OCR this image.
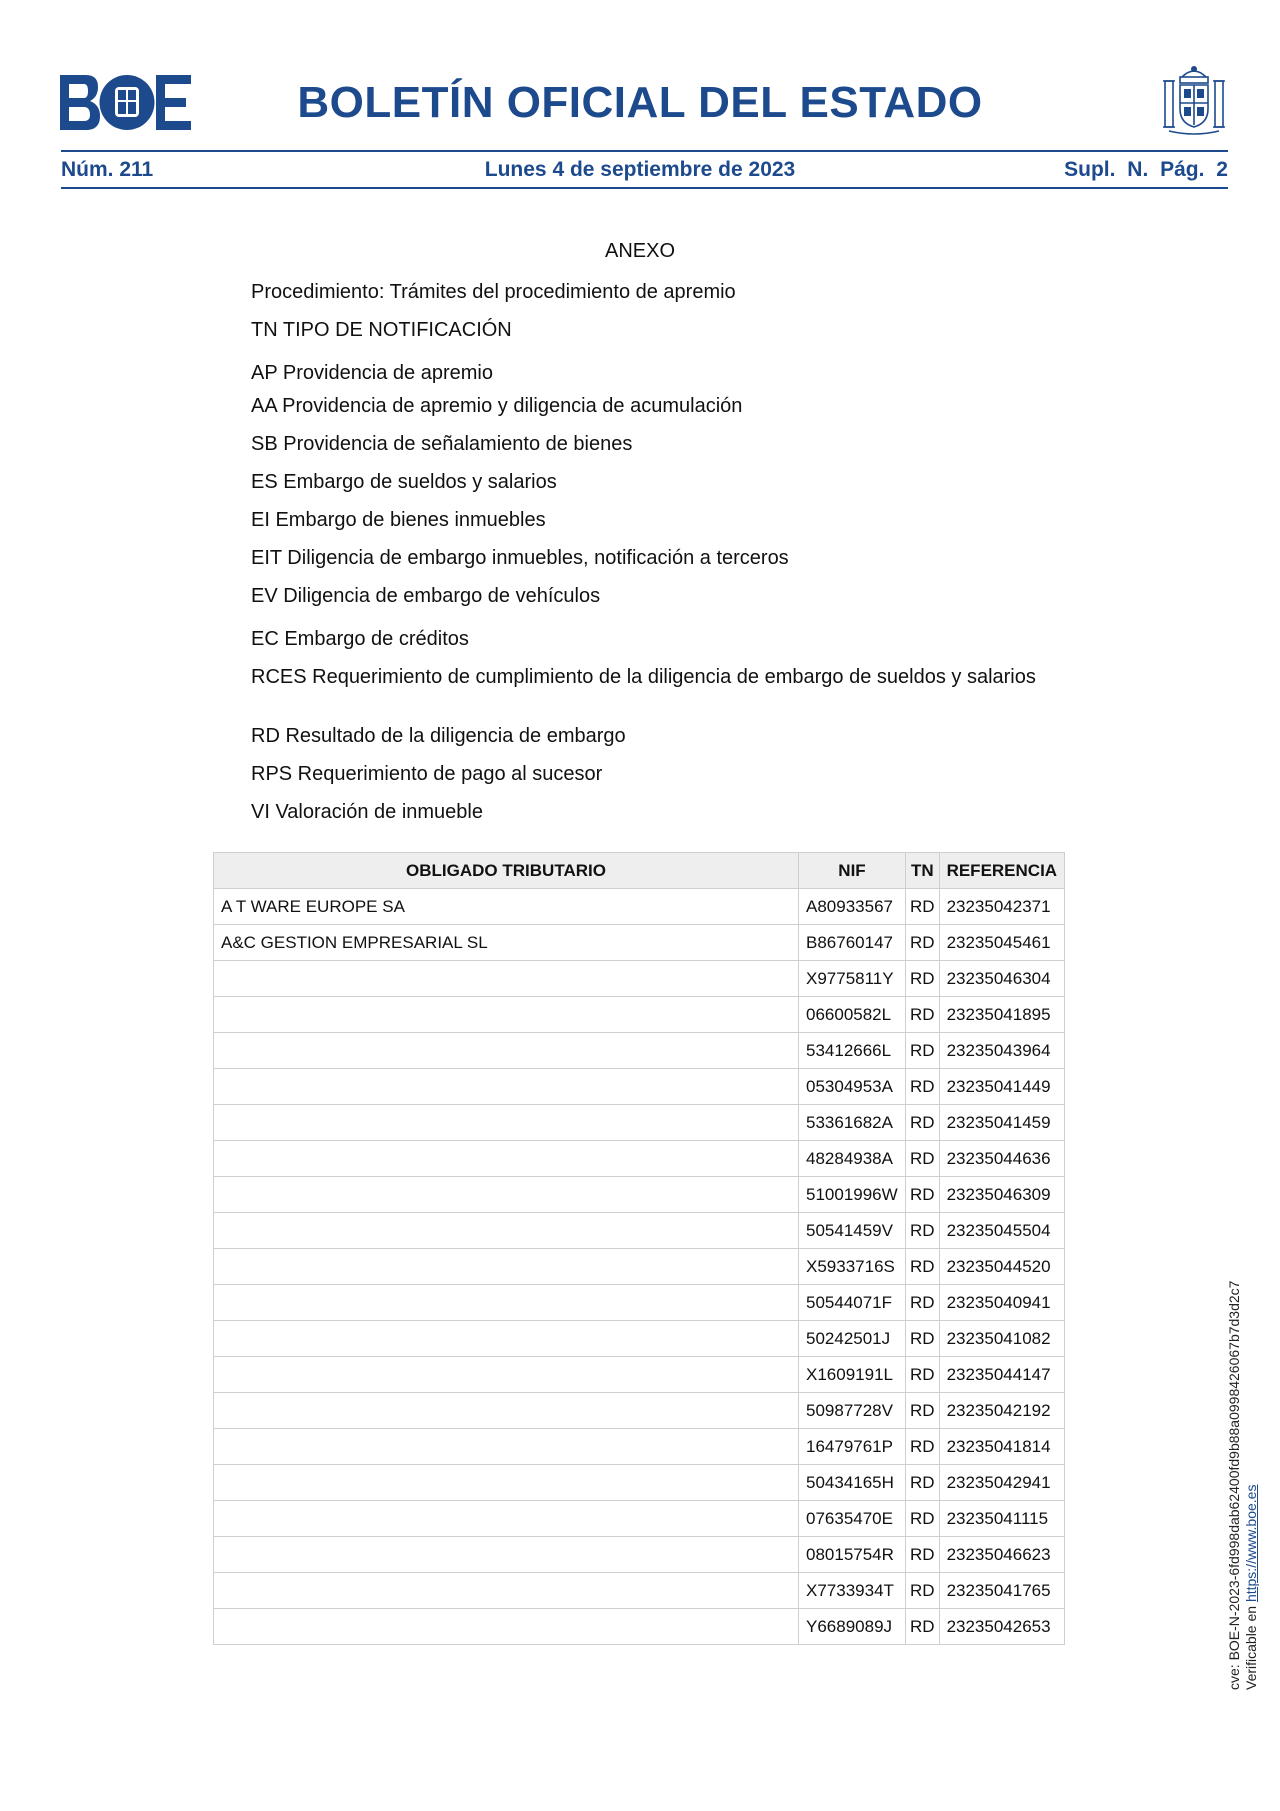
BOLETÍN OFICIAL DEL ESTADO
Núm. 211	Lunes 4 de septiembre de 2023	Supl. N. Pág. 2
ANEXO
Procedimiento: Trámites del procedimiento de apremio
TN TIPO DE NOTIFICACIÓN
AP Providencia de apremio
AA Providencia de apremio y diligencia de acumulación
SB Providencia de señalamiento de bienes
ES Embargo de sueldos y salarios
EI Embargo de bienes inmuebles
EIT Diligencia de embargo inmuebles, notificación a terceros
EV Diligencia de embargo de vehículos
EC Embargo de créditos
RCES Requerimiento de cumplimiento de la diligencia de embargo de sueldos y salarios
RD Resultado de la diligencia de embargo
RPS Requerimiento de pago al sucesor
VI Valoración de inmueble
OBLIGADO TRIBUTARIO	NIF	TN	REFERENCIA
A T WARE EUROPE SA	A80933567	RD	23235042371
A&C GESTION EMPRESARIAL SL	B86760147	RD	23235045461
	X9775811Y	RD	23235046304
	06600582L	RD	23235041895
	53412666L	RD	23235043964
	05304953A	RD	23235041449
	53361682A	RD	23235041459
	48284938A	RD	23235044636
	51001996W	RD	23235046309
	50541459V	RD	23235045504
	X5933716S	RD	23235044520
	50544071F	RD	23235040941
	50242501J	RD	23235041082
	X1609191L	RD	23235044147
	50987728V	RD	23235042192
	16479761P	RD	23235041814
	50434165H	RD	23235042941
	07635470E	RD	23235041115
	08015754R	RD	23235046623
	X7733934T	RD	23235041765
	Y6689089J	RD	23235042653	cve: BOE-N-2023-6fd998dab62400fd9b88a0998426067b7d3d2c7 Verificable en https://www.boe.es
